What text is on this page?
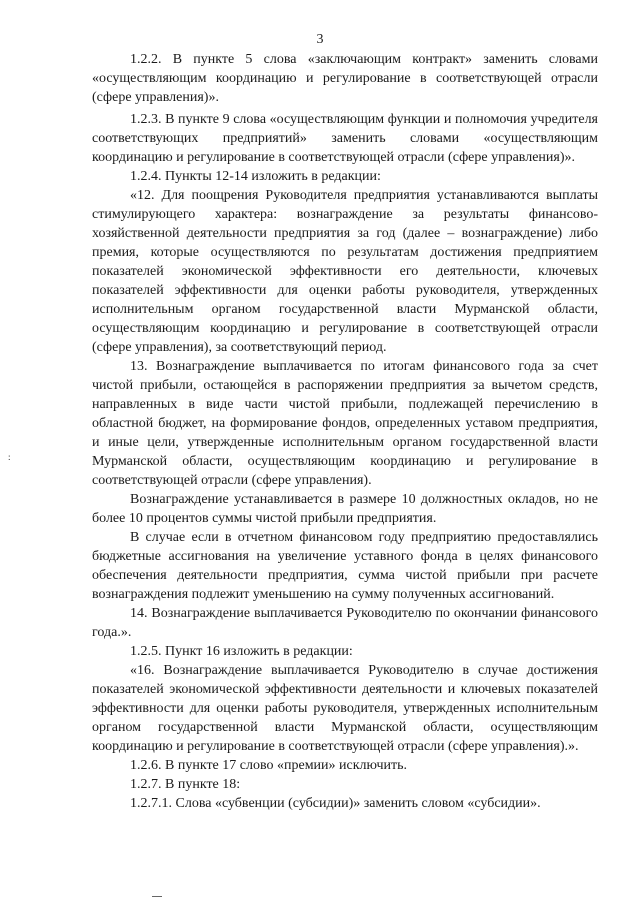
3

1.2.2. В пункте 5 слова «заключающим контракт» заменить словами «осуществляющим координацию и регулирование в соответствующей отрасли (сфере управления)».

1.2.3. В пункте 9 слова «осуществляющим функции и полномочия учредителя соответствующих предприятий» заменить словами «осуществляющим координацию и регулирование в соответствующей отрасли (сфере управления)».

1.2.4. Пункты 12-14 изложить в редакции:

«12. Для поощрения Руководителя предприятия устанавливаются выплаты стимулирующего характера: вознаграждение за результаты финансово-хозяйственной деятельности предприятия за год (далее – вознаграждение) либо премия, которые осуществляются по результатам достижения предприятием показателей экономической эффективности его деятельности, ключевых показателей эффективности для оценки работы руководителя, утвержденных исполнительным органом государственной власти Мурманской области, осуществляющим координацию и регулирование в соответствующей отрасли (сфере управления), за соответствующий период.

13. Вознаграждение выплачивается по итогам финансового года за счет чистой прибыли, остающейся в распоряжении предприятия за вычетом средств, направленных в виде части чистой прибыли, подлежащей перечислению в областной бюджет, на формирование фондов, определенных уставом предприятия, и иные цели, утвержденные исполнительным органом государственной власти Мурманской области, осуществляющим координацию и регулирование в соответствующей отрасли (сфере управления).

Вознаграждение устанавливается в размере 10 должностных окладов, но не более 10 процентов суммы чистой прибыли предприятия.

В случае если в отчетном финансовом году предприятию предоставлялись бюджетные ассигнования на увеличение уставного фонда в целях финансового обеспечения деятельности предприятия, сумма чистой прибыли при расчете вознаграждения подлежит уменьшению на сумму полученных ассигнований.

14. Вознаграждение выплачивается Руководителю по окончании финансового года.».

1.2.5. Пункт 16 изложить в редакции:

«16. Вознаграждение выплачивается Руководителю в случае достижения показателей экономической эффективности деятельности и ключевых показателей эффективности для оценки работы руководителя, утвержденных исполнительным органом государственной власти Мурманской области, осуществляющим координацию и регулирование в соответствующей отрасли (сфере управления).».

1.2.6. В пункте 17 слово «премии» исключить.

1.2.7. В пункте 18:

1.2.7.1. Слова «субвенции (субсидии)» заменить словом «субсидии».

:
